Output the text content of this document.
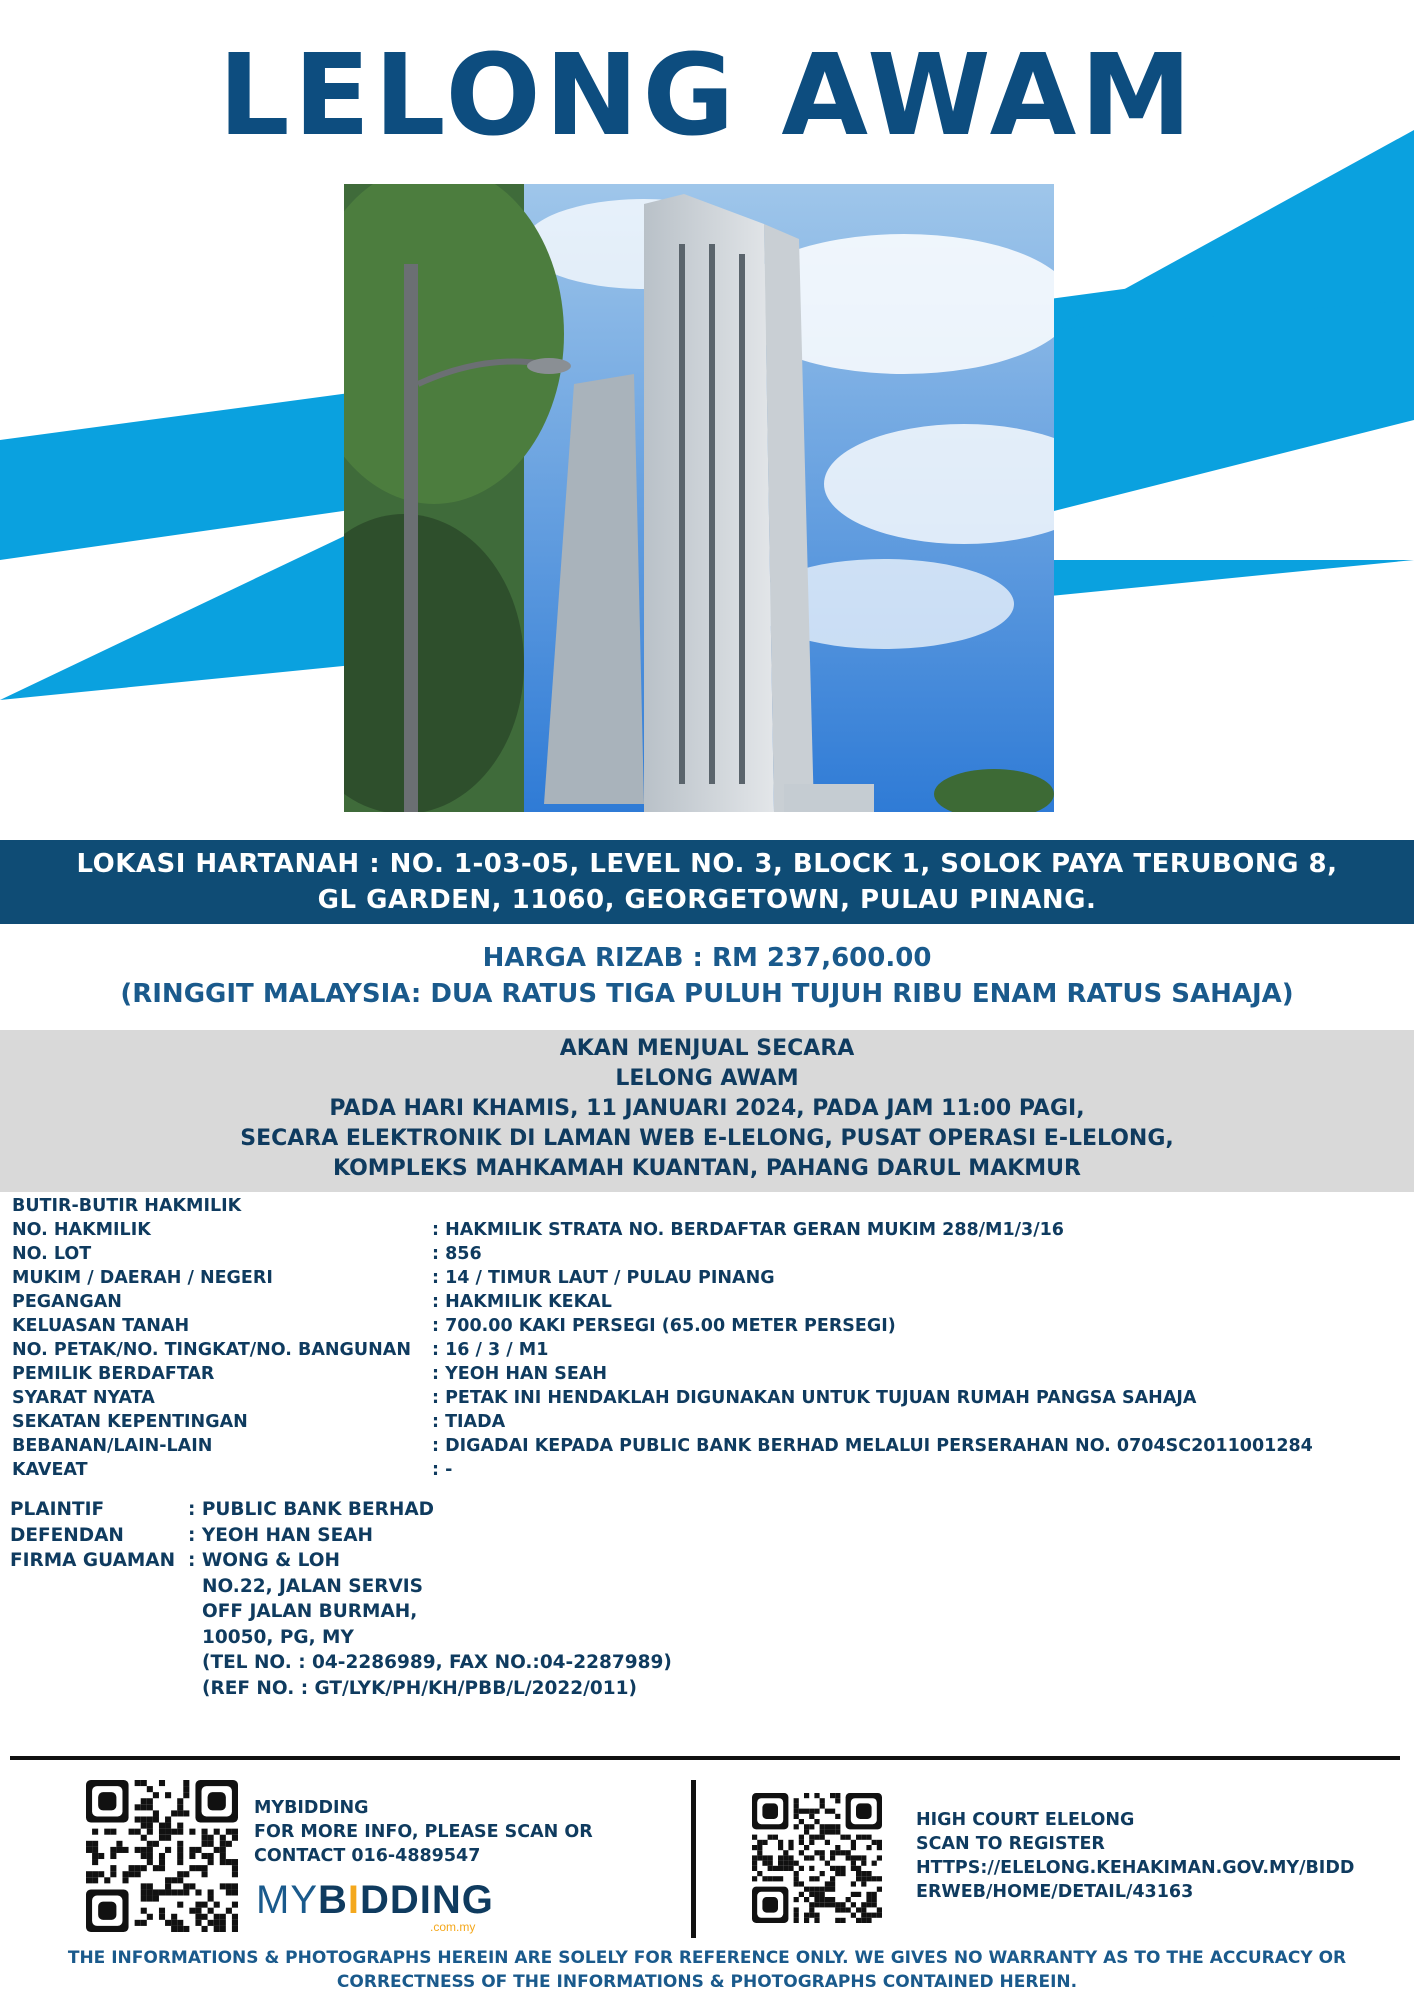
LELONG AWAM

LOKASI HARTANAH : NO. 1-03-05, LEVEL NO. 3, BLOCK 1, SOLOK PAYA TERUBONG 8, GL GARDEN, 11060, GEORGETOWN, PULAU PINANG.

HARGA RIZAB : RM 237,600.00

(RINGGIT MALAYSIA: DUA RATUS TIGA PULUH TUJUH RIBU ENAM RATUS SAHAJA)

AKAN MENJUAL SECARA

LELONG AWAM

PADA HARI KHAMIS, 11 JANUARI 2024, PADA JAM 11:00 PAGI,

SECARA ELEKTRONIK DI LAMAN WEB E-LELONG, PUSAT OPERASI E-LELONG,

KOMPLEKS MAHKAMAH KUANTAN, PAHANG DARUL MAKMUR

BUTIR-BUTIR HAKMILIK
NO. HAKMILIK	: HAKMILIK STRATA NO. BERDAFTAR GERAN MUKIM 288/M1/3/16
NO. LOT	: 856
MUKIM / DAERAH / NEGERI	: 14 / TIMUR LAUT / PULAU PINANG
PEGANGAN	: HAKMILIK KEKAL
KELUASAN TANAH	: 700.00 KAKI PERSEGI (65.00 METER PERSEGI)
NO. PETAK/NO. TINGKAT/NO. BANGUNAN	: 16 / 3 / M1
PEMILIK BERDAFTAR	: YEOH HAN SEAH
SYARAT NYATA	: PETAK INI HENDAKLAH DIGUNAKAN UNTUK TUJUAN RUMAH PANGSA SAHAJA
SEKATAN KEPENTINGAN	: TIADA
BEBANAN/LAIN-LAIN	: DIGADAI KEPADA PUBLIC BANK BERHAD MELALUI PERSERAHAN NO. 0704SC2011001284
KAVEAT	: -
PLAINTIF	: PUBLIC BANK BERHAD
DEFENDAN	: YEOH HAN SEAH
FIRMA GUAMAN : WONG & LOH
NO.22, JALAN SERVIS
OFF JALAN BURMAH,
10050, PG, MY
(TEL NO. : 04-2286989, FAX NO.:04-2287989)
(REF NO. : GT/LYK/PH/KH/PBB/L/2022/011)
MYBIDDING
FOR MORE INFO, PLEASE SCAN OR
CONTACT 016-4889547
MYBIDDING
.com.my
HIGH COURT ELELONG
SCAN TO REGISTER
HTTPS://ELELONG.KEHAKIMAN.GOV.MY/BIDD
ERWEB/HOME/DETAIL/43163
THE INFORMATIONS & PHOTOGRAPHS HEREIN ARE SOLELY FOR REFERENCE ONLY. WE GIVES NO WARRANTY AS TO THE ACCURACY OR
CORRECTNESS OF THE INFORMATIONS & PHOTOGRAPHS CONTAINED HEREIN.
